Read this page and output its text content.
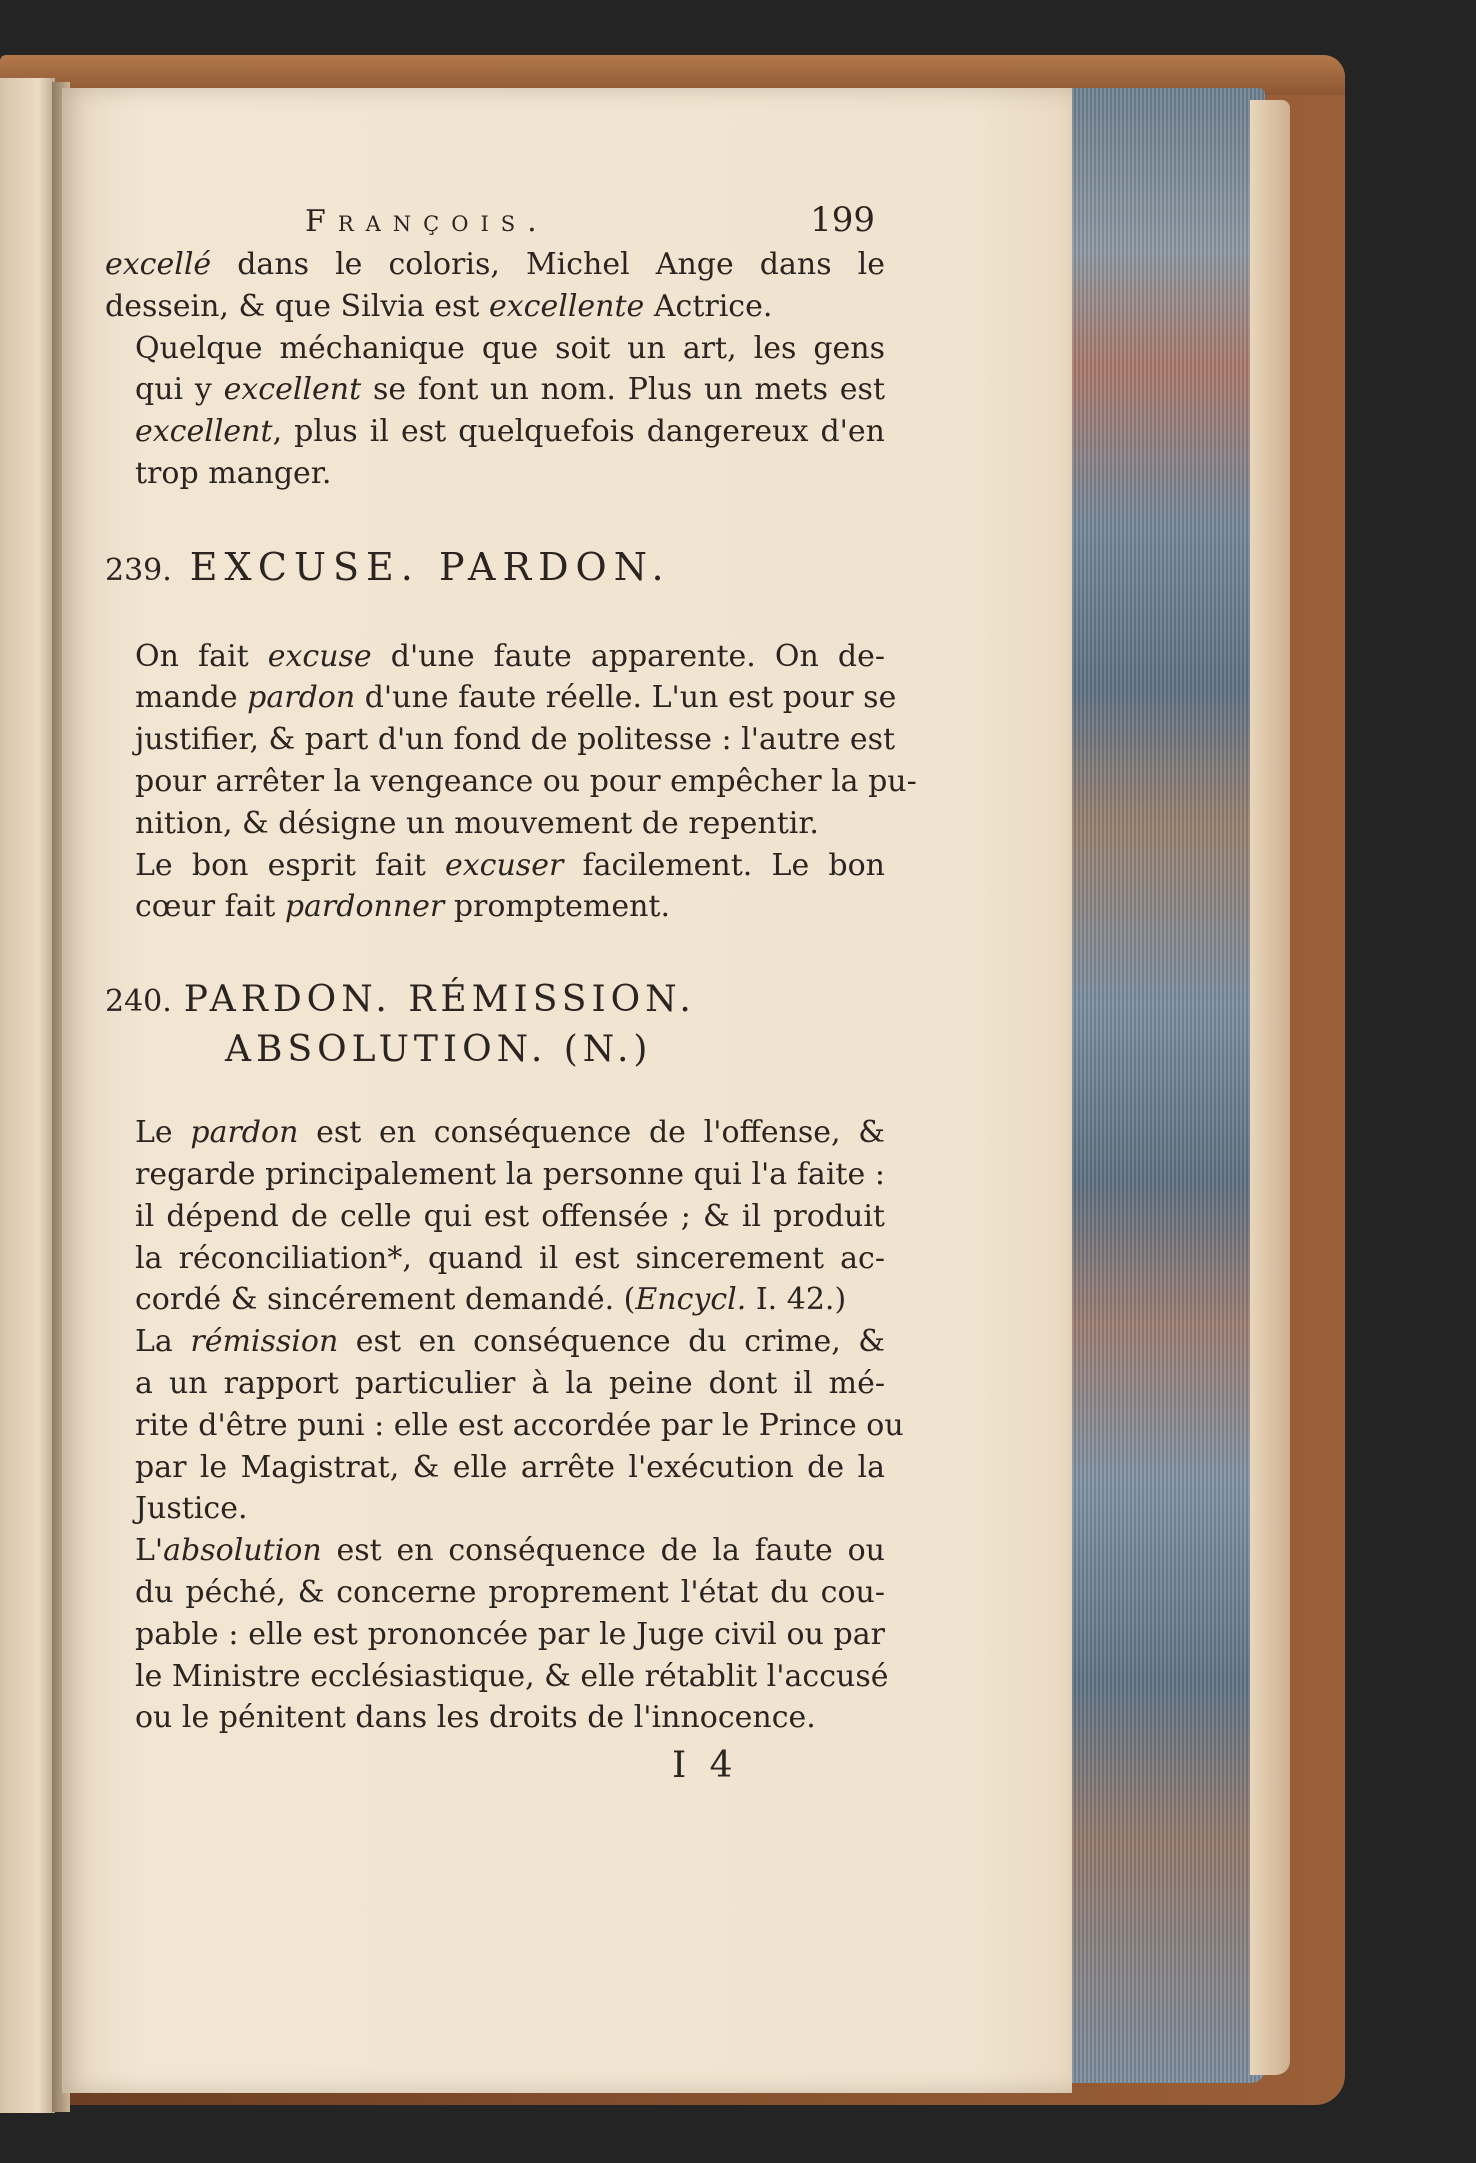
François.	199
excellé dans le coloris, Michel Ange dans le
dessein, & que Silvia est excellente Actrice.
Quelque méchanique que soit un art, les gens
qui y excellent se font un nom. Plus un mets est
excellent, plus il est quelquefois dangereux d'en
trop manger.
239. EXCUSE. PARDON.
On fait excuse d'une faute apparente. On de-
mande pardon d'une faute réelle. L'un est pour se
justifier, & part d'un fond de politesse : l'autre est
pour arrêter la vengeance ou pour empêcher la pu-
nition, & désigne un mouvement de repentir.
Le bon esprit fait excuser facilement. Le bon
cœur fait pardonner promptement.
240. PARDON. RÉMISSION.
ABSOLUTION. (N.)
Le pardon est en conséquence de l'offense, &
regarde principalement la personne qui l'a faite :
il dépend de celle qui est offensée ; & il produit
la réconciliation*, quand il est sincerement ac-
cordé & sincérement demandé. (Encycl. I. 42.)
La rémission est en conséquence du crime, &
a un rapport particulier à la peine dont il mé-
rite d'être puni : elle est accordée par le Prince ou
par le Magistrat, & elle arrête l'exécution de la
Justice.
L'absolution est en conséquence de la faute ou
du péché, & concerne proprement l'état du cou-
pable : elle est prononcée par le Juge civil ou par
le Ministre ecclésiastique, & elle rétablit l'accusé
ou le pénitent dans les droits de l'innocence.
I 4
